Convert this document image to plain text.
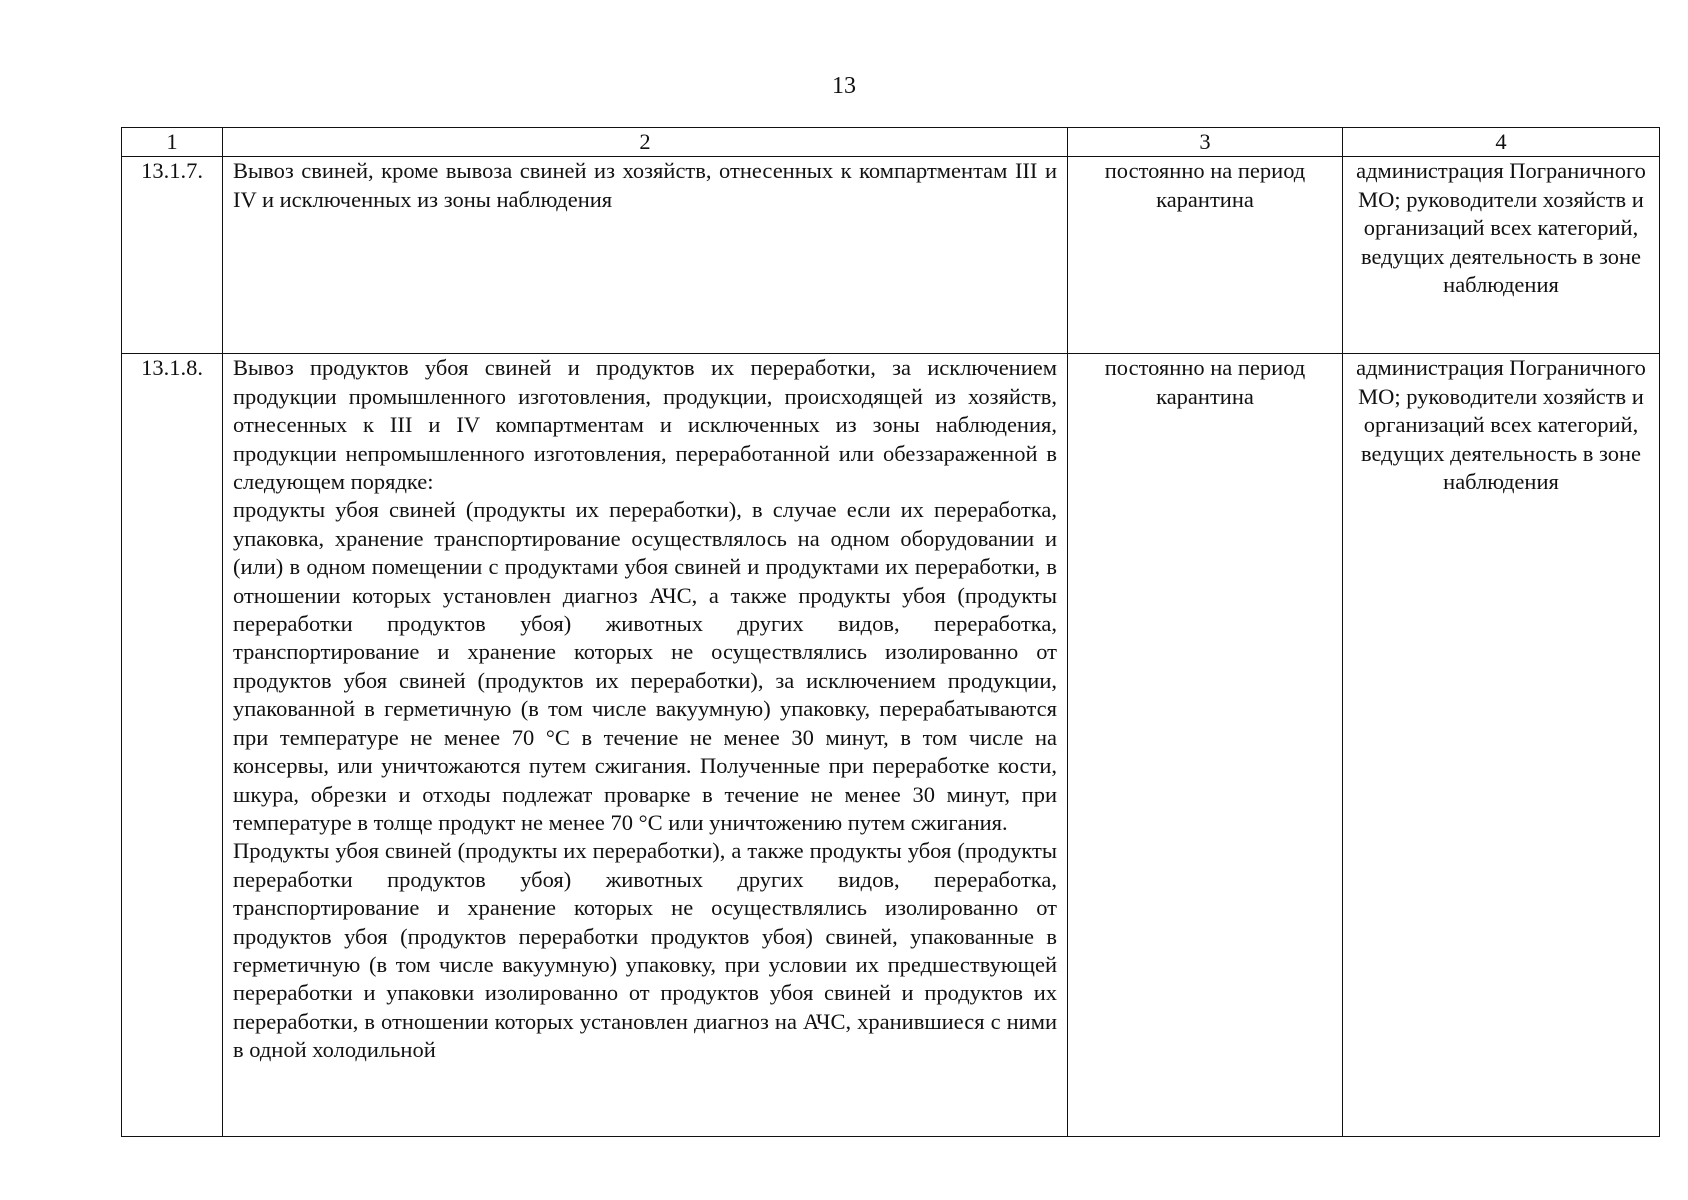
13
1	2	3	4
13.1.7.	Вывоз свиней, кроме вывоза свиней из хозяйств, отнесенных к компартментам III и IV и исключенных из зоны наблюдения	постоянно на период карантина	администрация Пограничного МО; руководители хозяйств и организаций всех категорий, ведущих деятельность в зоне наблюдения
13.1.8.	Вывоз продуктов убоя свиней и продуктов их переработки, за исключением продукции промышленного изготовления, продукции, происходящей из хозяйств, отнесенных к III и IV компартментам и исключенных из зоны наблюдения, продукции непромышленного изготовления, переработанной или обеззараженной в следующем порядке:

продукты убоя свиней (продукты их переработки), в случае если их переработка, упаковка, хранение транспортирование осуществлялось на одном оборудовании и (или) в одном помещении с продуктами убоя свиней и продуктами их переработки, в отношении которых установлен диагноз АЧС, а также продукты убоя (продукты переработки продуктов убоя) животных других видов, переработка, транспортирование и хранение которых не осуществлялись изолированно от продуктов убоя свиней (продуктов их переработки), за исключением продукции, упакованной в герметичную (в том числе вакуумную) упаковку, перерабатываются при температуре не менее 70 °С в течение не менее 30 минут, в том числе на консервы, или уничтожаются путем сжигания. Полученные при переработке кости, шкура, обрезки и отходы подлежат проварке в течение не менее 30 минут, при температуре в толще продукт не менее 70 °С или уничтожению путем сжигания.

Продукты убоя свиней (продукты их переработки), а также продукты убоя (продукты переработки продуктов убоя) животных других видов, переработка, транспортирование и хранение которых не осуществлялись изолированно от продуктов убоя (продуктов переработки продуктов убоя) свиней, упакованные в герметичную (в том числе вакуумную) упаковку, при условии их предшествующей переработки и упаковки изолированно от продуктов убоя свиней и продуктов их переработки, в отношении которых установлен диагноз на АЧС, хранившиеся с ними в одной холодильной	постоянно на период карантина	администрация Пограничного МО; руководители хозяйств и организаций всех категорий, ведущих деятельность в зоне наблюдения
